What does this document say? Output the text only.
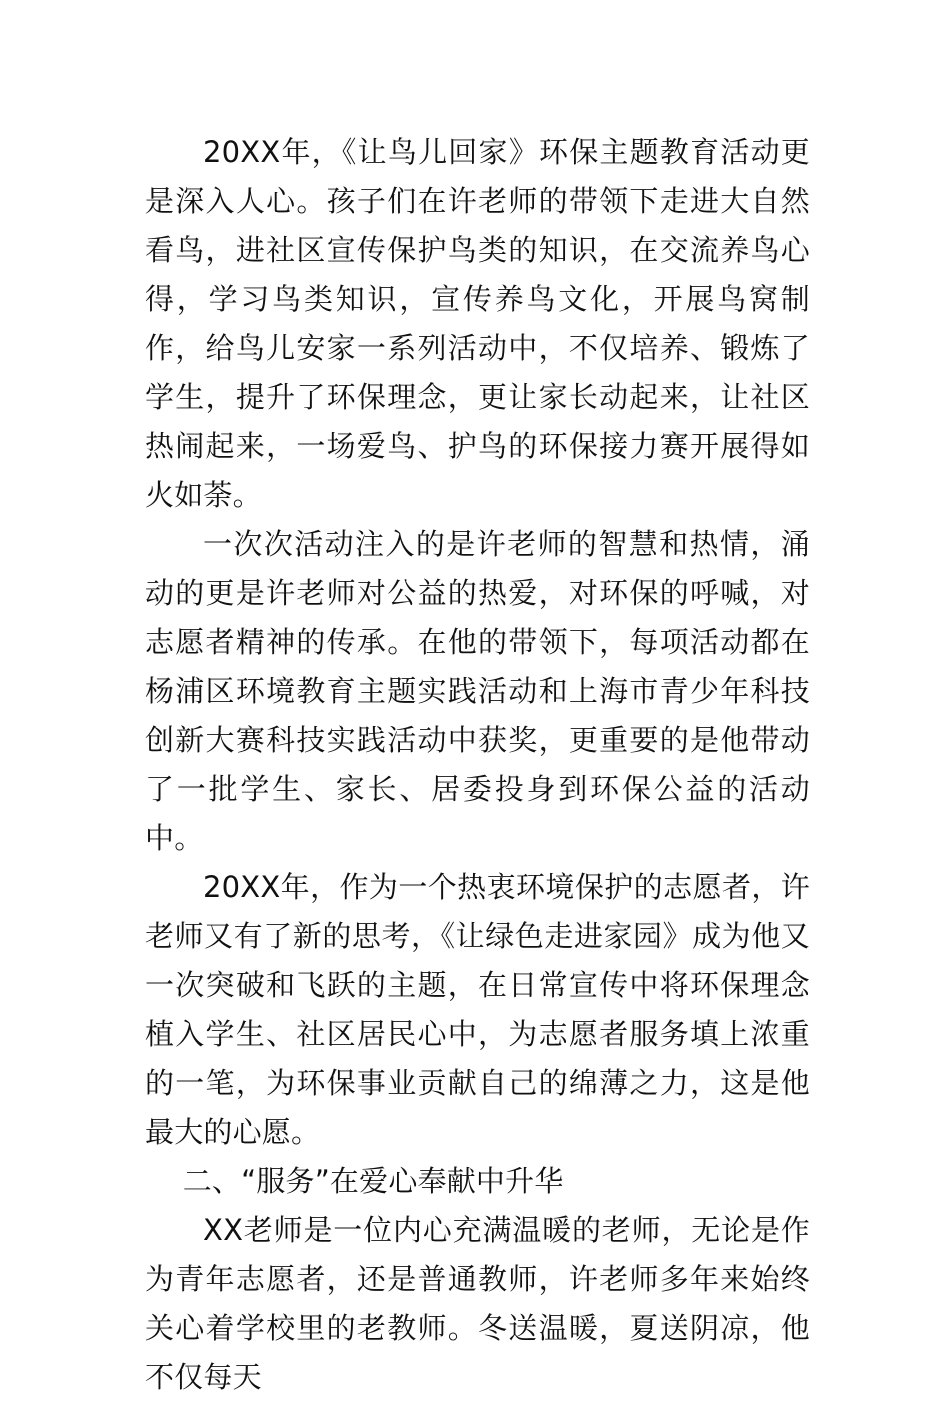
20XX年，《让鸟儿回家》环保主题教育活动更是深入人心。孩子们在许老师的带领下走进大自然看鸟，进社区宣传保护鸟类的知识，在交流养鸟心得，学习鸟类知识，宣传养鸟文化，开展鸟窝制作，给鸟儿安家一系列活动中，不仅培养、锻炼了学生，提升了环保理念，更让家长动起来，让社区热闹起来，一场爱鸟、护鸟的环保接力赛开展得如火如荼。

一次次活动注入的是许老师的智慧和热情，涌动的更是许老师对公益的热爱，对环保的呼喊，对志愿者精神的传承。在他的带领下，每项活动都在杨浦区环境教育主题实践活动和上海市青少年科技创新大赛科技实践活动中获奖，更重要的是他带动了一批学生、家长、居委投身到环保公益的活动中。

20XX年，作为一个热衷环境保护的志愿者，许老师又有了新的思考，《让绿色走进家园》成为他又一次突破和飞跃的主题，在日常宣传中将环保理念植入学生、社区居民心中，为志愿者服务填上浓重的一笔，为环保事业贡献自己的绵薄之力，这是他最大的心愿。

二、“服务”在爱心奉献中升华

XX老师是一位内心充满温暖的老师，无论是作为青年志愿者，还是普通教师，许老师多年来始终关心着学校里的老教师。冬送温暖，夏送阴凉，他不仅每天
